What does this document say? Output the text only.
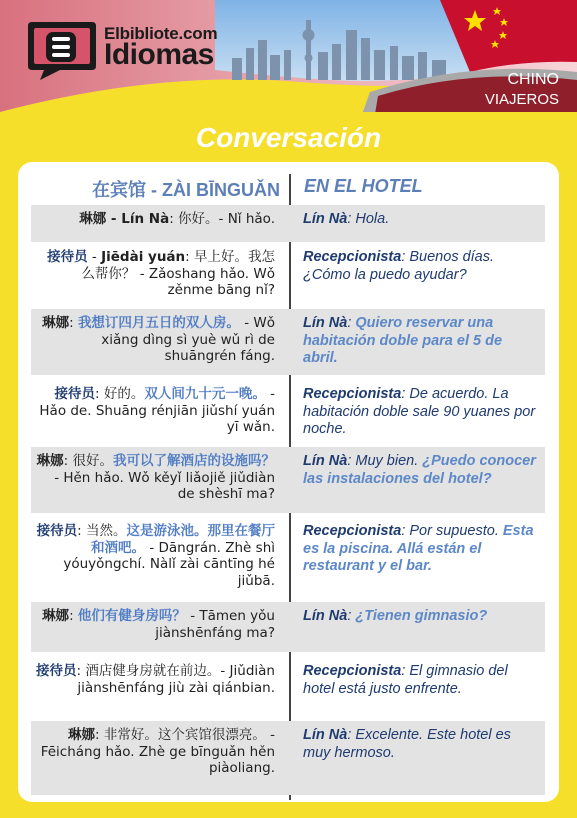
Elbibliote.com
Idiomas
CHINO
VIAJEROS
Conversación
在宾馆 - ZÀI BĪNGUǍN EN EL HOTEL
琳娜 - Lín Nà: 你好。- Nǐ hǎo. Lín Nà: Hola.
接待员 - Jiēdài yuán: 早上好。我怎么帮你？ - Zǎoshang hǎo. Wǒ zěnme bāng nǐ?
Recepcionista: Buenos días. ¿Cómo la puedo ayudar?
琳娜: 我想订四月五日的双人房。 - Wǒ xiǎng dìng sì yuè wǔ rì de shuāngrén fáng.
Lín Nà: Quiero reservar una habitación doble para el 5 de abril.
接待员: 好的。双人间九十元一晚。 - Hǎo de. Shuāng rénjiān jiǔshí yuán yī wǎn.
Recepcionista: De acuerdo. La habitación doble sale 90 yuanes por noche.
琳娜: 很好。我可以了解酒店的设施吗？ - Hěn hǎo. Wǒ kěyǐ liǎojiě jiǔdiàn de shèshī ma?
Lín Nà: Muy bien. ¿Puedo conocer las instalaciones del hotel?
接待员: 当然。这是游泳池。那里在餐厅和酒吧。 - Dāngrán. Zhè shì yóuyǒngchí. Nàlǐ zài cāntīng hé jiǔbā.
Recepcionista: Por supuesto. Esta es la piscina. Allá están el restaurant y el bar.
琳娜: 他们有健身房吗？ - Tāmen yǒu jiànshēnfáng ma?
Lín Nà: ¿Tienen gimnasio?
接待员: 酒店健身房就在前边。- Jiǔdiàn jiànshēnfáng jiù zài qiánbian.
Recepcionista: El gimnasio del hotel está justo enfrente.
琳娜: 非常好。这个宾馆很漂亮。 - Fēicháng hǎo. Zhè ge bīnguǎn hěn piàoliang.
Lín Nà: Excelente. Este hotel es muy hermoso.
